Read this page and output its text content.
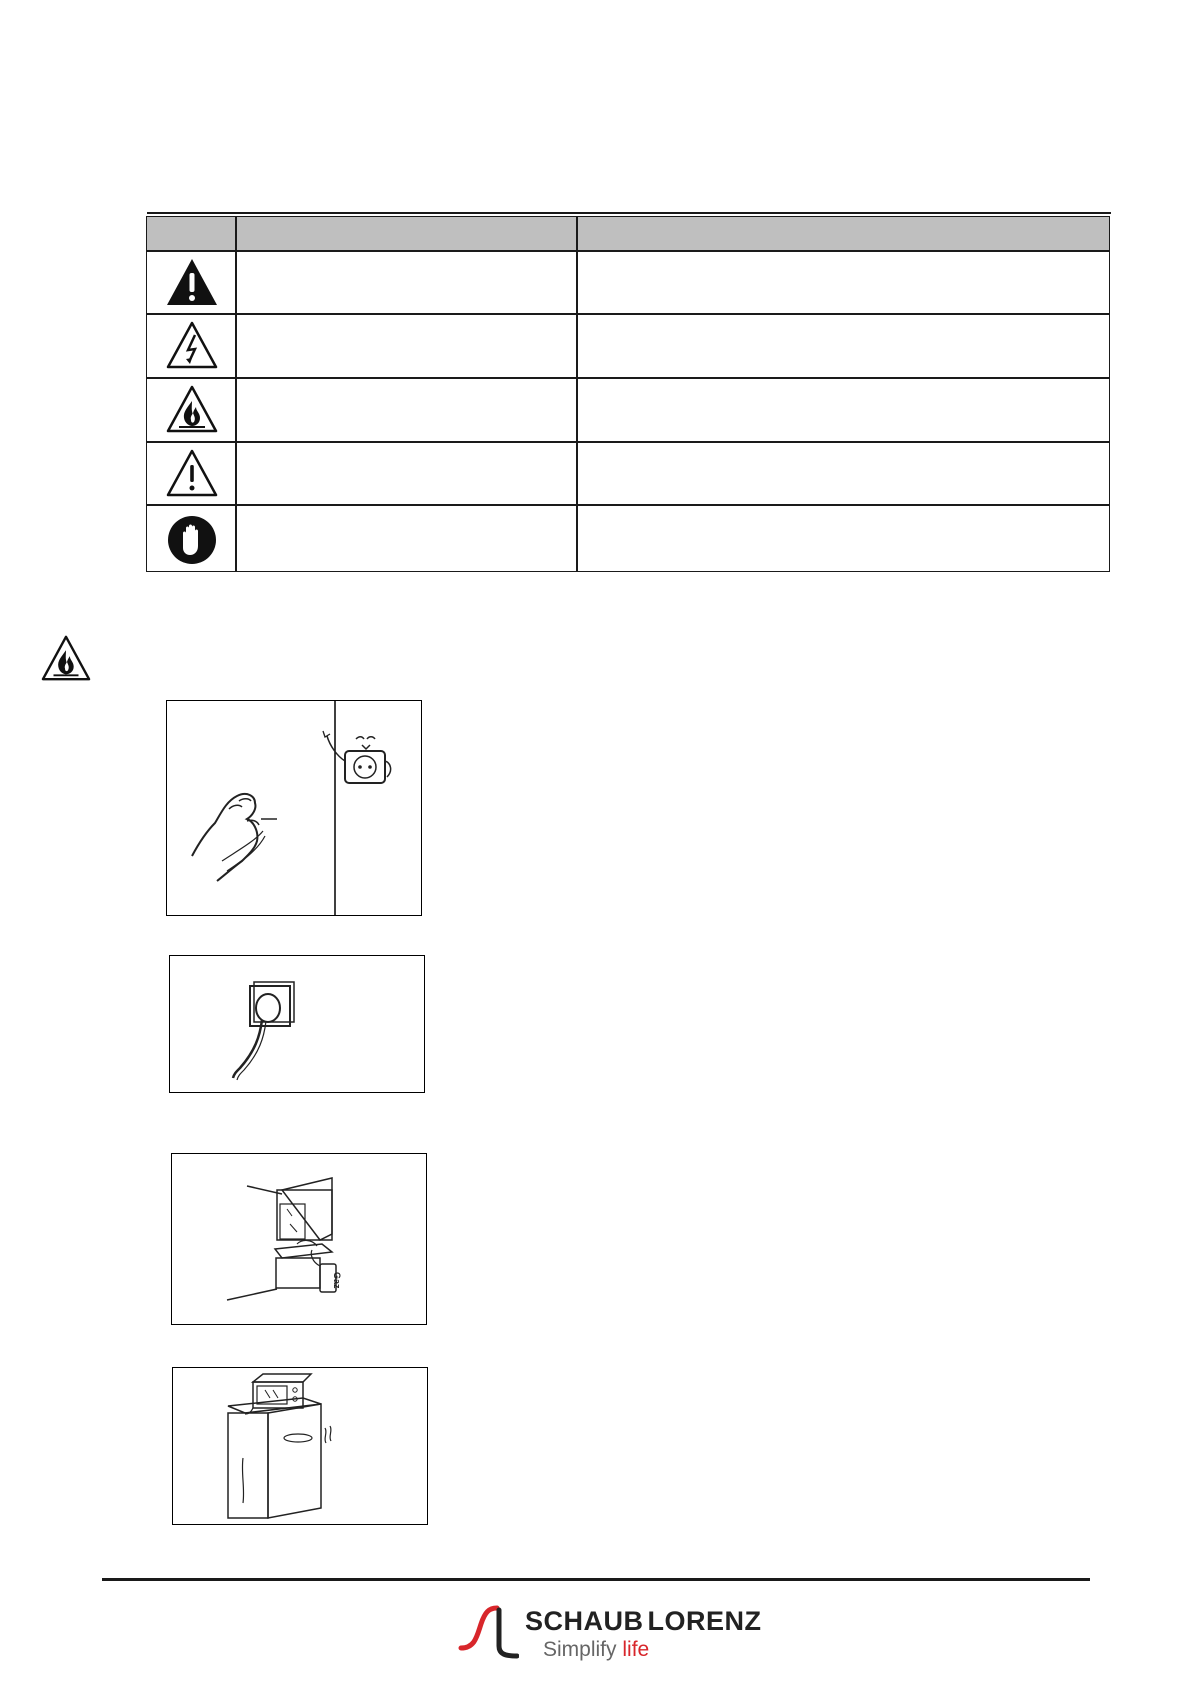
Gaz
SCHAUB LORENZ
Simplify life
